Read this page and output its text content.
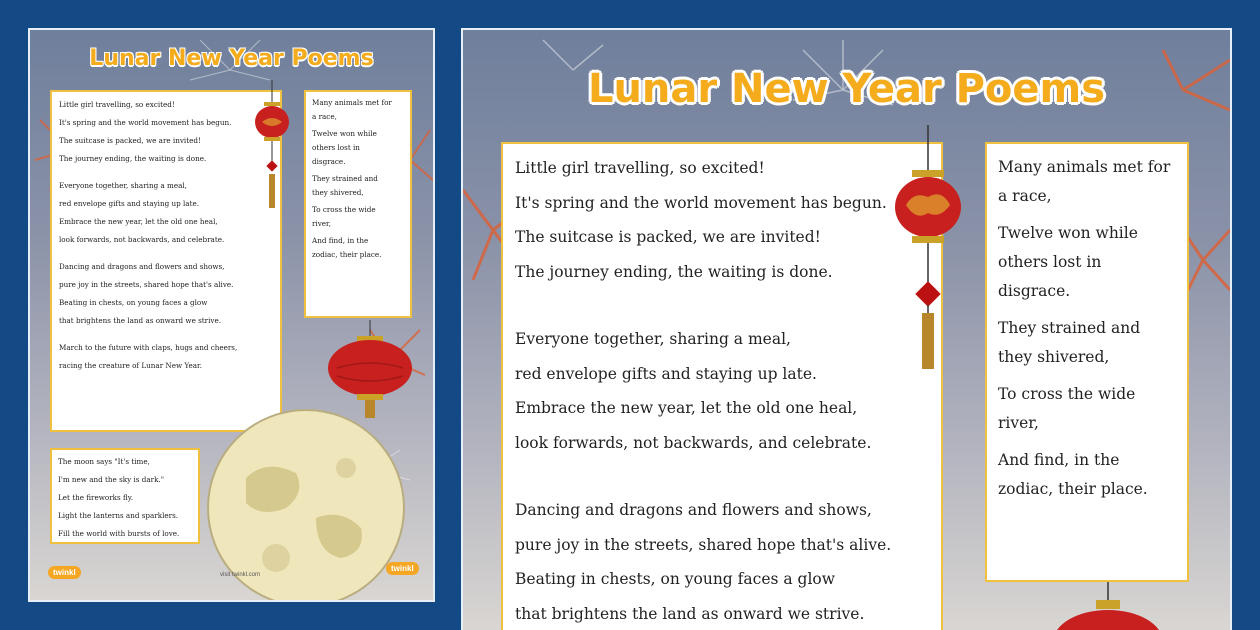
Lunar New Year Poems
Little girl travelling, so excited!
It's spring and the world movement has begun.
The suitcase is packed, we are invited!
The journey ending, the waiting is done.
Everyone together, sharing a meal,
red envelope gifts and staying up late.
Embrace the new year, let the old one heal,
look forwards, not backwards, and celebrate.
Dancing and dragons and flowers and shows,
pure joy in the streets, shared hope that's alive.
Beating in chests, on young faces a glow
that brightens the land as onward we strive.
March to the future with claps, hugs and cheers,
racing the creature of Lunar New Year.
Many animals met for
a race,
Twelve won while
others lost in
disgrace.
They strained and
they shivered,
To cross the wide
river,
And find, in the
zodiac, their place.
The moon says "It's time,
I'm new and the sky is dark."
Let the fireworks fly.
Light the lanterns and sparklers.
Fill the world with bursts of love.
twinkl	visit twinkl.com
twinkl
Lunar New Year Poems
Little girl travelling, so excited!
It's spring and the world movement has begun.
The suitcase is packed, we are invited!
The journey ending, the waiting is done.
Everyone together, sharing a meal,
red envelope gifts and staying up late.
Embrace the new year, let the old one heal,
look forwards, not backwards, and celebrate.
Dancing and dragons and flowers and shows,
pure joy in the streets, shared hope that's alive.
Beating in chests, on young faces a glow
that brightens the land as onward we strive.
Many animals met for
a race,
Twelve won while
others lost in
disgrace.
They strained and
they shivered,
To cross the wide
river,
And find, in the
zodiac, their place.
